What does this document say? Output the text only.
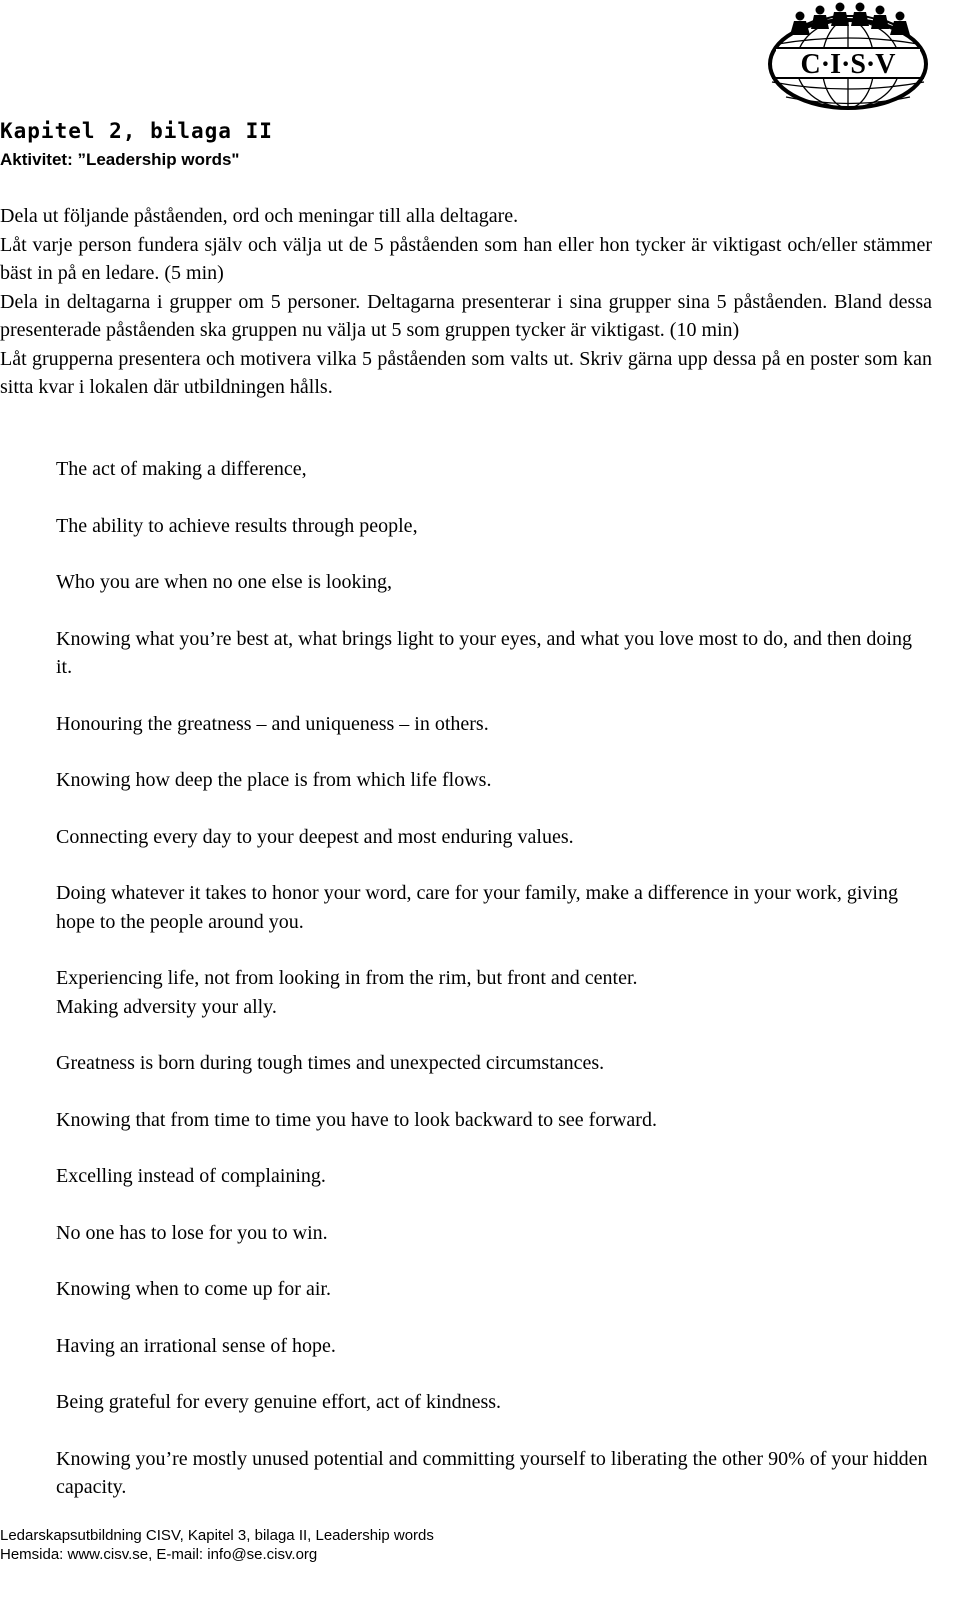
C·I·S·V
Kapitel 2, bilaga II
Aktivitet: ”Leadership words"

Dela ut följande påståenden, ord och meningar till alla deltagare.

Låt varje person fundera själv och välja ut de 5 påståenden som han eller hon tycker är viktigast och/eller stämmer bäst in på en ledare. (5 min)

Dela in deltagarna i grupper om 5 personer. Deltagarna presenterar i sina grupper sina 5 påståenden. Bland dessa presenterade påståenden ska gruppen nu välja ut 5 som gruppen tycker är viktigast. (10 min)

Låt grupperna presentera och motivera vilka 5 påståenden som valts ut. Skriv gärna upp dessa på en poster som kan sitta kvar i lokalen där utbildningen hålls.

The act of making a difference,
The ability to achieve results through people,
Who you are when no one else is looking,
Knowing what you’re best at, what brings light to your eyes, and what you love most to do, and then doing it.
Honouring the greatness – and uniqueness – in others.
Knowing how deep the place is from which life flows.
Connecting every day to your deepest and most enduring values.
Doing whatever it takes to honor your word, care for your family, make a difference in your work, giving hope to the people around you.
Experiencing life, not from looking in from the rim, but front and center.
Making adversity your ally.
Greatness is born during tough times and unexpected circumstances.
Knowing that from time to time you have to look backward to see forward.
Excelling instead of complaining.
No one has to lose for you to win.
Knowing when to come up for air.
Having an irrational sense of hope.
Being grateful for every genuine effort, act of kindness.
Knowing you’re mostly unused potential and committing yourself to liberating the other 90% of your hidden capacity.
Ledarskapsutbildning CISV, Kapitel 3, bilaga II, Leadership words
Hemsida: www.cisv.se, E-mail: info@se.cisv.org
